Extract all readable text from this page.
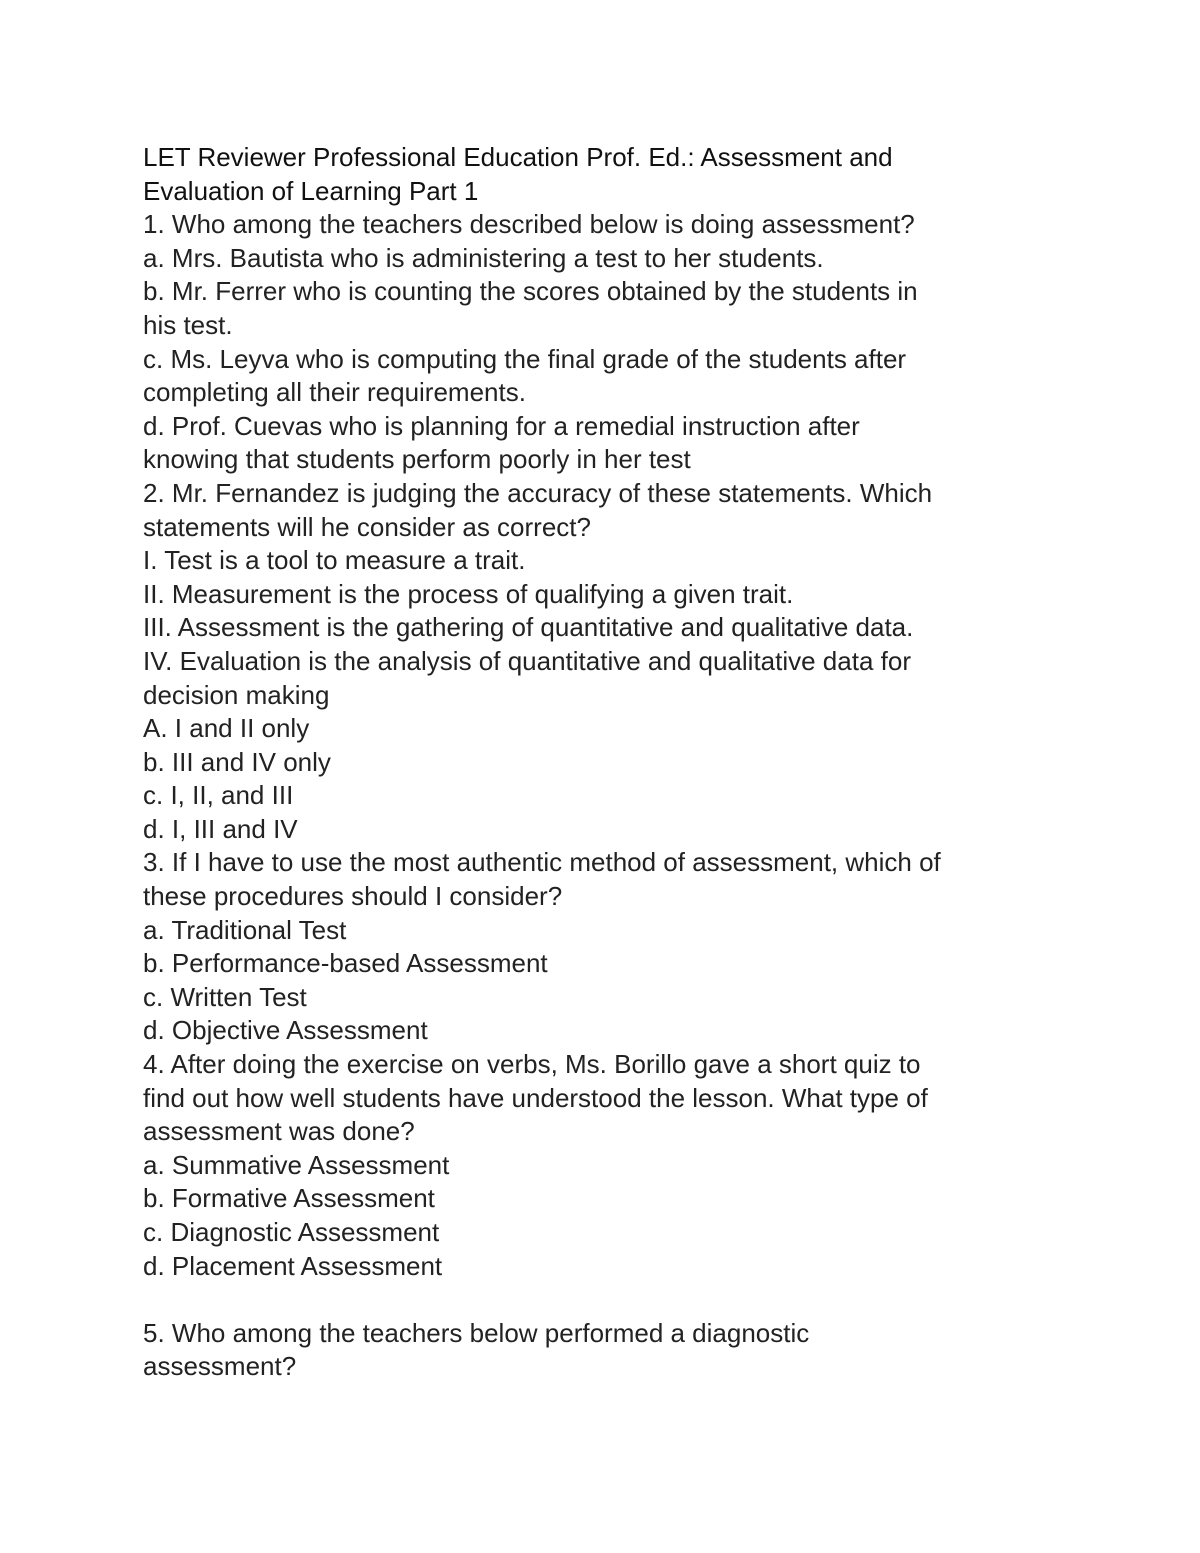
LET Reviewer Professional Education Prof. Ed.: Assessment and
Evaluation of Learning Part 1
1. Who among the teachers described below is doing assessment?
a. Mrs. Bautista who is administering a test to her students.
b. Mr. Ferrer who is counting the scores obtained by the students in
his test.
c. Ms. Leyva who is computing the final grade of the students after
completing all their requirements.
d. Prof. Cuevas who is planning for a remedial instruction after
knowing that students perform poorly in her test
2. Mr. Fernandez is judging the accuracy of these statements. Which
statements will he consider as correct?
I. Test is a tool to measure a trait.
II. Measurement is the process of qualifying a given trait.
III. Assessment is the gathering of quantitative and qualitative data.
IV. Evaluation is the analysis of quantitative and qualitative data for
decision making
A. I and II only
b. III and IV only
c. I, II, and III
d. I, III and IV
3. If I have to use the most authentic method of assessment, which of
these procedures should I consider?
a. Traditional Test
b. Performance-based Assessment
c. Written Test
d. Objective Assessment
4. After doing the exercise on verbs, Ms. Borillo gave a short quiz to
find out how well students have understood the lesson. What type of
assessment was done?
a. Summative Assessment
b. Formative Assessment
c. Diagnostic Assessment
d. Placement Assessment
5. Who among the teachers below performed a diagnostic
assessment?
